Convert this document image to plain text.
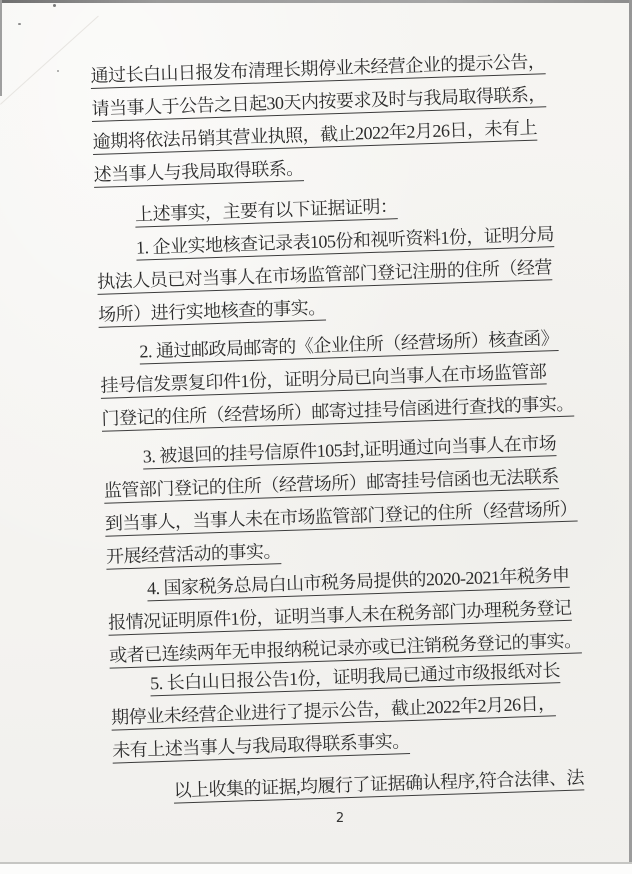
通过长白山日报发布清理长期停业未经营企业的提示公告，
请当事人于公告之日起30天内按要求及时与我局取得联系，
逾期将依法吊销其营业执照，截止2022年2月26日，未有上
述当事人与我局取得联系。
上述事实，主要有以下证据证明：
1. 企业实地核查记录表105份和视听资料1份，证明分局
执法人员已对当事人在市场监管部门登记注册的住所（经营
场所）进行实地核查的事实。
2. 通过邮政局邮寄的《企业住所（经营场所）核查函》
挂号信发票复印件1份，证明分局已向当事人在市场监管部
门登记的住所（经营场所）邮寄过挂号信函进行查找的事实。
3. 被退回的挂号信原件105封,证明通过向当事人在市场
监管部门登记的住所（经营场所）邮寄挂号信函也无法联系
到当事人，当事人未在市场监管部门登记的住所（经营场所）
开展经营活动的事实。
4. 国家税务总局白山市税务局提供的2020-2021年税务申
报情况证明原件1份，证明当事人未在税务部门办理税务登记
或者已连续两年无申报纳税记录亦或已注销税务登记的事实。
5. 长白山日报公告1份，证明我局已通过市级报纸对长
期停业未经营企业进行了提示公告，截止2022年2月26日，
未有上述当事人与我局取得联系事实。
以上收集的证据,均履行了证据确认程序,符合法律、法
2
